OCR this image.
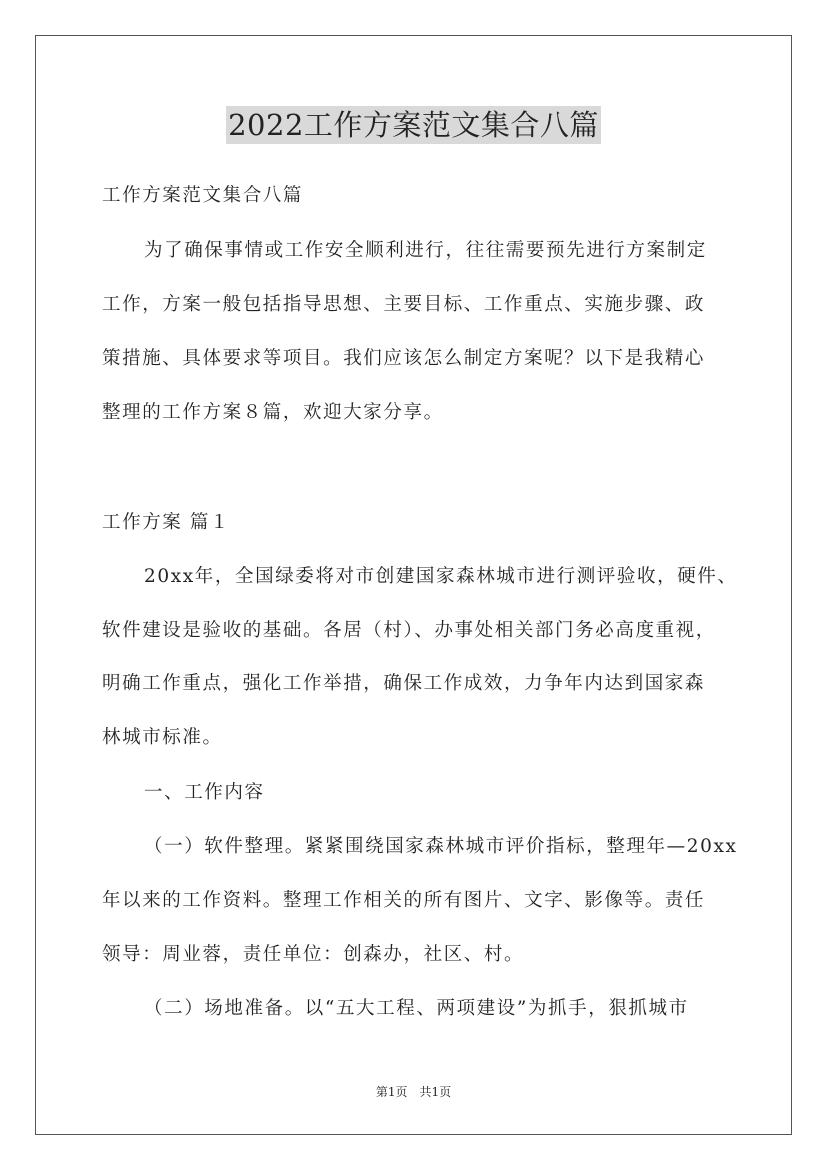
2022工作方案范文集合八篇
工作方案范文集合八篇
为了确保事情或工作安全顺利进行，往往需要预先进行方案制定
工作，方案一般包括指导思想、主要目标、工作重点、实施步骤、政
策措施、具体要求等项目。我们应该怎么制定方案呢？以下是我精心
整理的工作方案８篇，欢迎大家分享。
工作方案 篇１
20xx年，全国绿委将对市创建国家森林城市进行测评验收，硬件、
软件建设是验收的基础。各居（村）、办事处相关部门务必高度重视，
明确工作重点，强化工作举措，确保工作成效，力争年内达到国家森
林城市标准。
一、工作内容
（一）软件整理。紧紧围绕国家森林城市评价指标，整理年—20xx
年以来的工作资料。整理工作相关的所有图片、文字、影像等。责任
领导：周业蓉，责任单位：创森办，社区、村。
（二）场地准备。以“五大工程、两项建设”为抓手，狠抓城市
第1页　共1页
